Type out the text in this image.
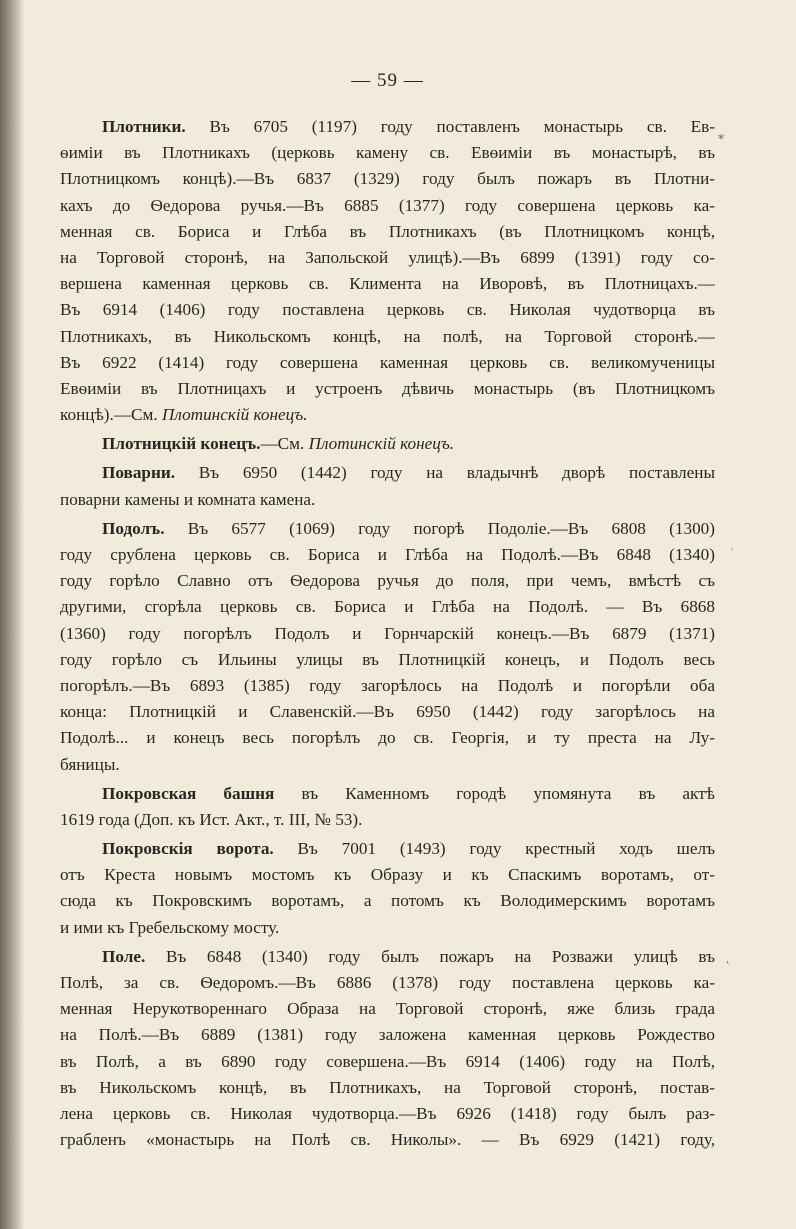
— 59 —
Плотники. Въ 6705 (1197) году поставленъ монастырь св. Ев-
ѳиміи въ Плотникахъ (церковь камену св. Евѳиміи въ монастырѣ, въ
Плотницкомъ концѣ).—Въ 6837 (1329) году былъ пожаръ въ Плотни-
кахъ до Ѳедорова ручья.—Въ 6885 (1377) году совершена церковь ка-
менная св. Бориса и Глѣба въ Плотникахъ (въ Плотницкомъ концѣ,
на Торговой сторонѣ, на Запольской улицѣ).—Въ 6899 (1391) году со-
вершена каменная церковь св. Климента на Иворовѣ, въ Плотницахъ.—
Въ 6914 (1406) году поставлена церковь св. Николая чудотворца въ
Плотникахъ, въ Никольскомъ концѣ, на полѣ, на Торговой сторонѣ.—
Въ 6922 (1414) году совершена каменная церковь св. великомученицы
Евѳиміи въ Плотницахъ и устроенъ дѣвичь монастырь (въ Плотницкомъ
концѣ).—См. Плотинскій конецъ.
Плотницкій конецъ.—См. Плотинскій конецъ.
Поварни. Въ 6950 (1442) году на владычнѣ дворѣ поставлены
поварни камены и комната камена.
Подолъ. Въ 6577 (1069) году погорѣ Подоліе.—Въ 6808 (1300)
году срублена церковь св. Бориса и Глѣба на Подолѣ.—Въ 6848 (1340)
году горѣло Славно отъ Ѳедорова ручья до поля, при чемъ, вмѣстѣ съ
другими, сгорѣла церковь св. Бориса и Глѣба на Подолѣ. — Въ 6868
(1360) году погорѣлъ Подолъ и Горнчарскій конецъ.—Въ 6879 (1371)
году горѣло съ Ильины улицы въ Плотницкій конецъ, и Подолъ весь
погорѣлъ.—Въ 6893 (1385) году загорѣлось на Подолѣ и погорѣли оба
конца: Плотницкій и Славенскій.—Въ 6950 (1442) году загорѣлось на
Подолѣ... и конецъ весь погорѣлъ до св. Георгія, и ту преста на Лу-
бяницы.
Покровская башня въ Каменномъ городѣ упомянута въ актѣ
1619 года (Доп. къ Ист. Акт., т. III, № 53).
Покровскія ворота. Въ 7001 (1493) году крестный ходъ шелъ
отъ Креста новымъ мостомъ къ Образу и къ Спаскимъ воротамъ, от-
сюда къ Покровскимъ воротамъ, а потомъ къ Володимерскимъ воротамъ
и ими къ Гребельскому мосту.
Поле. Въ 6848 (1340) году былъ пожаръ на Розважи улицѣ въ
Полѣ, за св. Ѳедоромъ.—Въ 6886 (1378) году поставлена церковь ка-
менная Нерукотвореннаго Образа на Торговой сторонѣ, яже близь града
на Полѣ.—Въ 6889 (1381) году заложена каменная церковь Рождество
въ Полѣ, а въ 6890 году совершена.—Въ 6914 (1406) году на Полѣ,
въ Никольскомъ концѣ, въ Плотникахъ, на Торговой сторонѣ, постав-
лена церковь св. Николая чудотворца.—Въ 6926 (1418) году былъ раз-
грабленъ «монастырь на Полѣ св. Николы». — Въ 6929 (1421) году,
⁎
˒
˛
